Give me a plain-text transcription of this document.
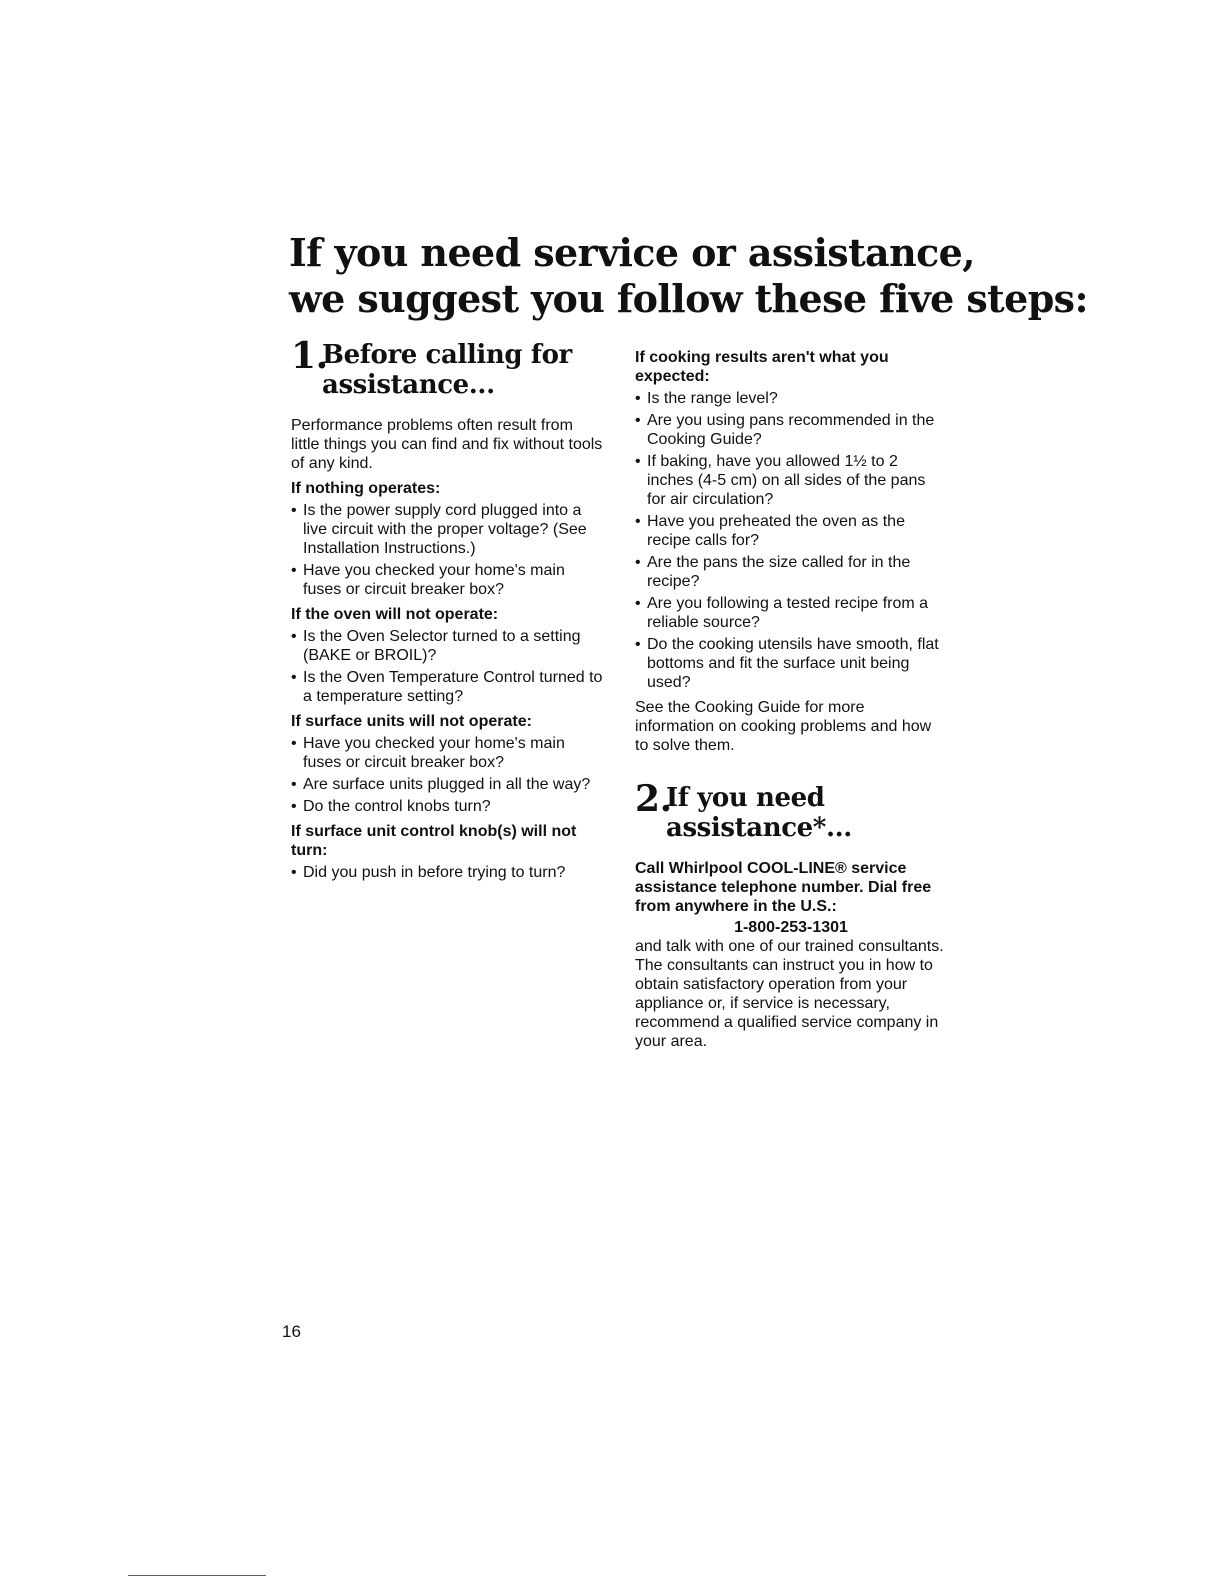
If you need service or assistance,
we suggest you follow these five steps:
1.
Before calling for
assistance...

Performance problems often result from little things you can find and fix without tools of any kind.

If nothing operates:
• Is the power supply cord plugged into a live circuit with the proper voltage? (See Installation Instructions.)
• Have you checked your home's main fuses or circuit breaker box?
If the oven will not operate:
• Is the Oven Selector turned to a setting (BAKE or BROIL)?
• Is the Oven Temperature Control turned to a temperature setting?
If surface units will not operate:
• Have you checked your home's main fuses or circuit breaker box?
• Are surface units plugged in all the way?
• Do the control knobs turn?
If surface unit control knob(s) will not turn:
• Did you push in before trying to turn?
If cooking results aren't what you expected:
• Is the range level?
• Are you using pans recommended in the Cooking Guide?
• If baking, have you allowed 1½ to 2 inches (4-5 cm) on all sides of the pans for air circulation?
• Have you preheated the oven as the recipe calls for?
• Are the pans the size called for in the recipe?
• Are you following a tested recipe from a reliable source?
• Do the cooking utensils have smooth, flat bottoms and fit the surface unit being used?

See the Cooking Guide for more information on cooking problems and how to solve them.

2.
If you need
assistance*...

Call Whirlpool COOL-LINE® service assistance telephone number. Dial free from anywhere in the U.S.:

1-800-253-1301

and talk with one of our trained consultants. The consultants can instruct you in how to obtain satisfactory operation from your appliance or, if service is necessary, recommend a qualified service company in your area.

16
